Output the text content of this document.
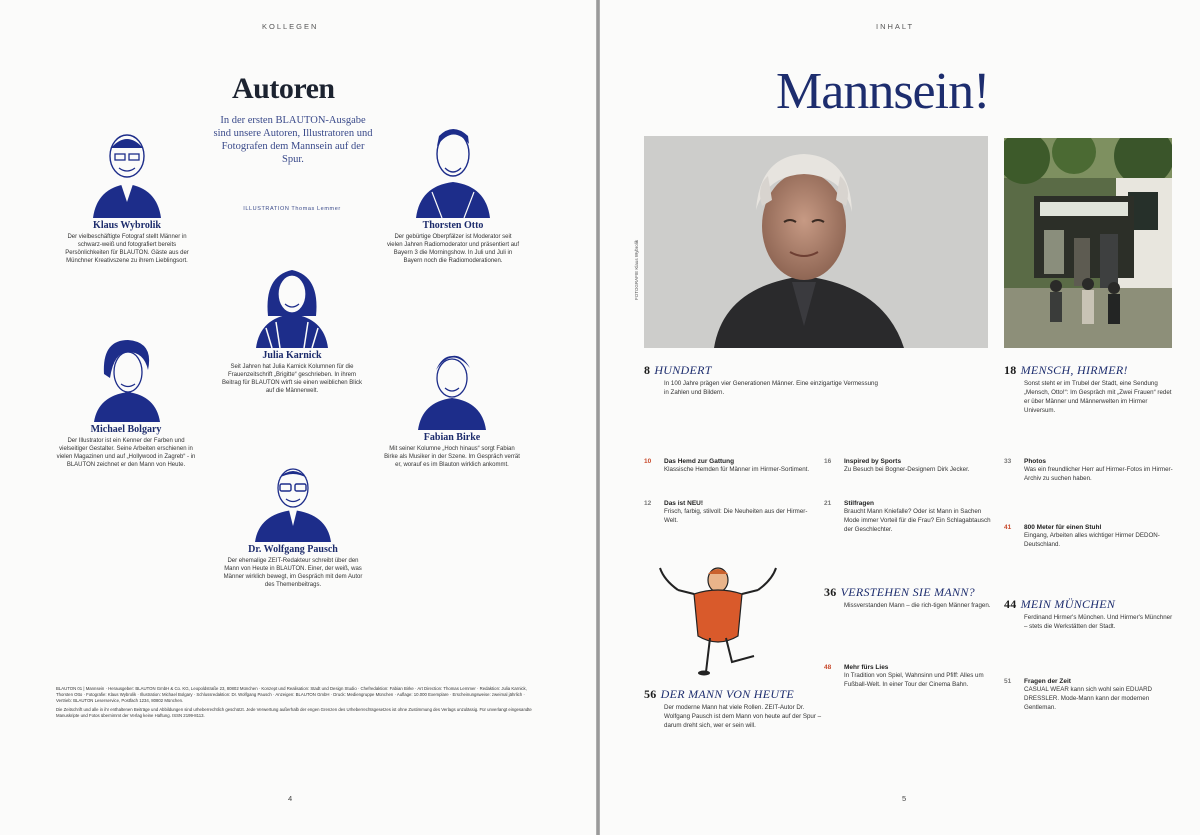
KOLLEGEN
Autoren
In der ersten BLAUTON-Ausgabe sind unsere Autoren, Illustratoren und Fotografen dem Mannsein auf der Spur.
ILLUSTRATION Thomas Lemmer
Klaus Wybrolik
Der vielbeschäftigte Fotograf stellt Männer in schwarz-weiß und fotografiert bereits Persönlichkeiten für BLAUTON. Gäste aus der Münchner Kreativszene zu ihrem Lieblingsort.
Thorsten Otto
Der gebürtige Oberpfälzer ist Moderator seit vielen Jahren Radiomoderator und präsentiert auf Bayern 3 die Morningshow. In Juli und Juli in Bayern noch die Radiomoderationen.
Julia Karnick
Seit Jahren hat Julia Karnick Kolumnen für die Frauenzeitschrift „Brigitte“ geschrieben. In ihrem Beitrag für BLAUTON wirft sie einen weiblichen Blick auf die Männerwelt.
Michael Bolgary
Der Illustrator ist ein Kenner der Farben und vielseitiger Gestalter. Seine Arbeiten erschienen in vielen Magazinen und auf „Hollywood in Zagreb“ - in BLAUTON zeichnet er den Mann von Heute.
Fabian Birke
Mit seiner Kolumne „Hoch hinaus“ sorgt Fabian Birke als Musiker in der Szene. Im Gespräch verrät er, worauf es im Blauton wirklich ankommt.
Dr. Wolfgang Pausch
Der ehemalige ZEIT-Redakteur schreibt über den Mann von Heute in BLAUTON. Einer, der weiß, was Männer wirklich bewegt, im Gespräch mit dem Autor des Themenbeitrags.

BLAUTON 01 | Mannsein · Herausgeber: BLAUTON GmbH & Co. KG, Leopoldstraße 23, 80802 München · Konzept und Realisation: Stadt und Design Studio · Chefredaktion: Fabian Birke · Art Direction: Thomas Lemmer · Redaktion: Julia Karnick, Thorsten Otto · Fotografie: Klaus Wybrolik · Illustration: Michael Bolgary · Schlussredaktion: Dr. Wolfgang Pausch · Anzeigen: BLAUTON GmbH · Druck: Mediengruppe München · Auflage: 10.000 Exemplare · Erscheinungsweise: zweimal jährlich · Vertrieb: BLAUTON Leserservice, Postfach 1234, 80802 München.

Die Zeitschrift und alle in ihr enthaltenen Beiträge und Abbildungen sind urheberrechtlich geschützt. Jede Verwertung außerhalb der engen Grenzen des Urheberrechtsgesetzes ist ohne Zustimmung des Verlags unzulässig. Für unverlangt eingesandte Manuskripte und Fotos übernimmt der Verlag keine Haftung. ISSN 2199-8113.

4
INHALT
Mannsein!
FOTOGRAFIE Klaus Wybrolik
8 HUNDERT
In 100 Jahre prägen vier Generationen Männer. Eine einzigartige Vermessung in Zahlen und Bildern.
18 MENSCH, HIRMER!
Sonst steht er im Trubel der Stadt, eine Sendung „Mensch, Otto!“: Im Gespräch mit „Zwei Frauen“ redet er über Männer und Männerwelten im Hirmer Universum.
10	Das Hemd zur Gattung
Klassische Hemden für Männer im Hirmer-Sortiment.
12	Das ist NEU!
Frisch, farbig, stilvoll: Die Neuheiten aus der Hirmer-Welt.
56 DER MANN VON HEUTE
Der moderne Mann hat viele Rollen. ZEIT-Autor Dr. Wolfgang Pausch ist dem Mann von heute auf der Spur – darum dreht sich, wer er sein will.
16	Inspired by Sports
Zu Besuch bei Bogner-Designern Dirk Jecker.
21	Stilfragen
Braucht Mann Kniefalle? Oder ist Mann in Sachen Mode immer Vorteil für die Frau? Ein Schlagabtausch der Geschlechter.
36 VERSTEHEN SIE MANN?
Missverstanden Mann – die rich-tigen Männer fragen.
48	Mehr fürs Lies
In Tradition von Spiel, Wahnsinn und Pfiff: Alles um Fußball-Welt. In einer Tour der Cinema Bahn.
33	Photos
Was ein freundlicher Herr auf Hirmer-Fotos im Hirmer-Archiv zu suchen haben.
41	800 Meter für einen Stuhl
Eingang, Arbeiten alles wichtiger Hirmer DEDON-Deutschland.
44 MEIN MÜNCHEN
Ferdinand Hirmer's München. Und Hirmer's Münchner – stets die Werkstätten der Stadt.
51	Fragen der Zeit
CASUAL WEAR kann sich wohl sein EDUARD DRESSLER. Mode-Mann kann der modernen Gentleman.
5
